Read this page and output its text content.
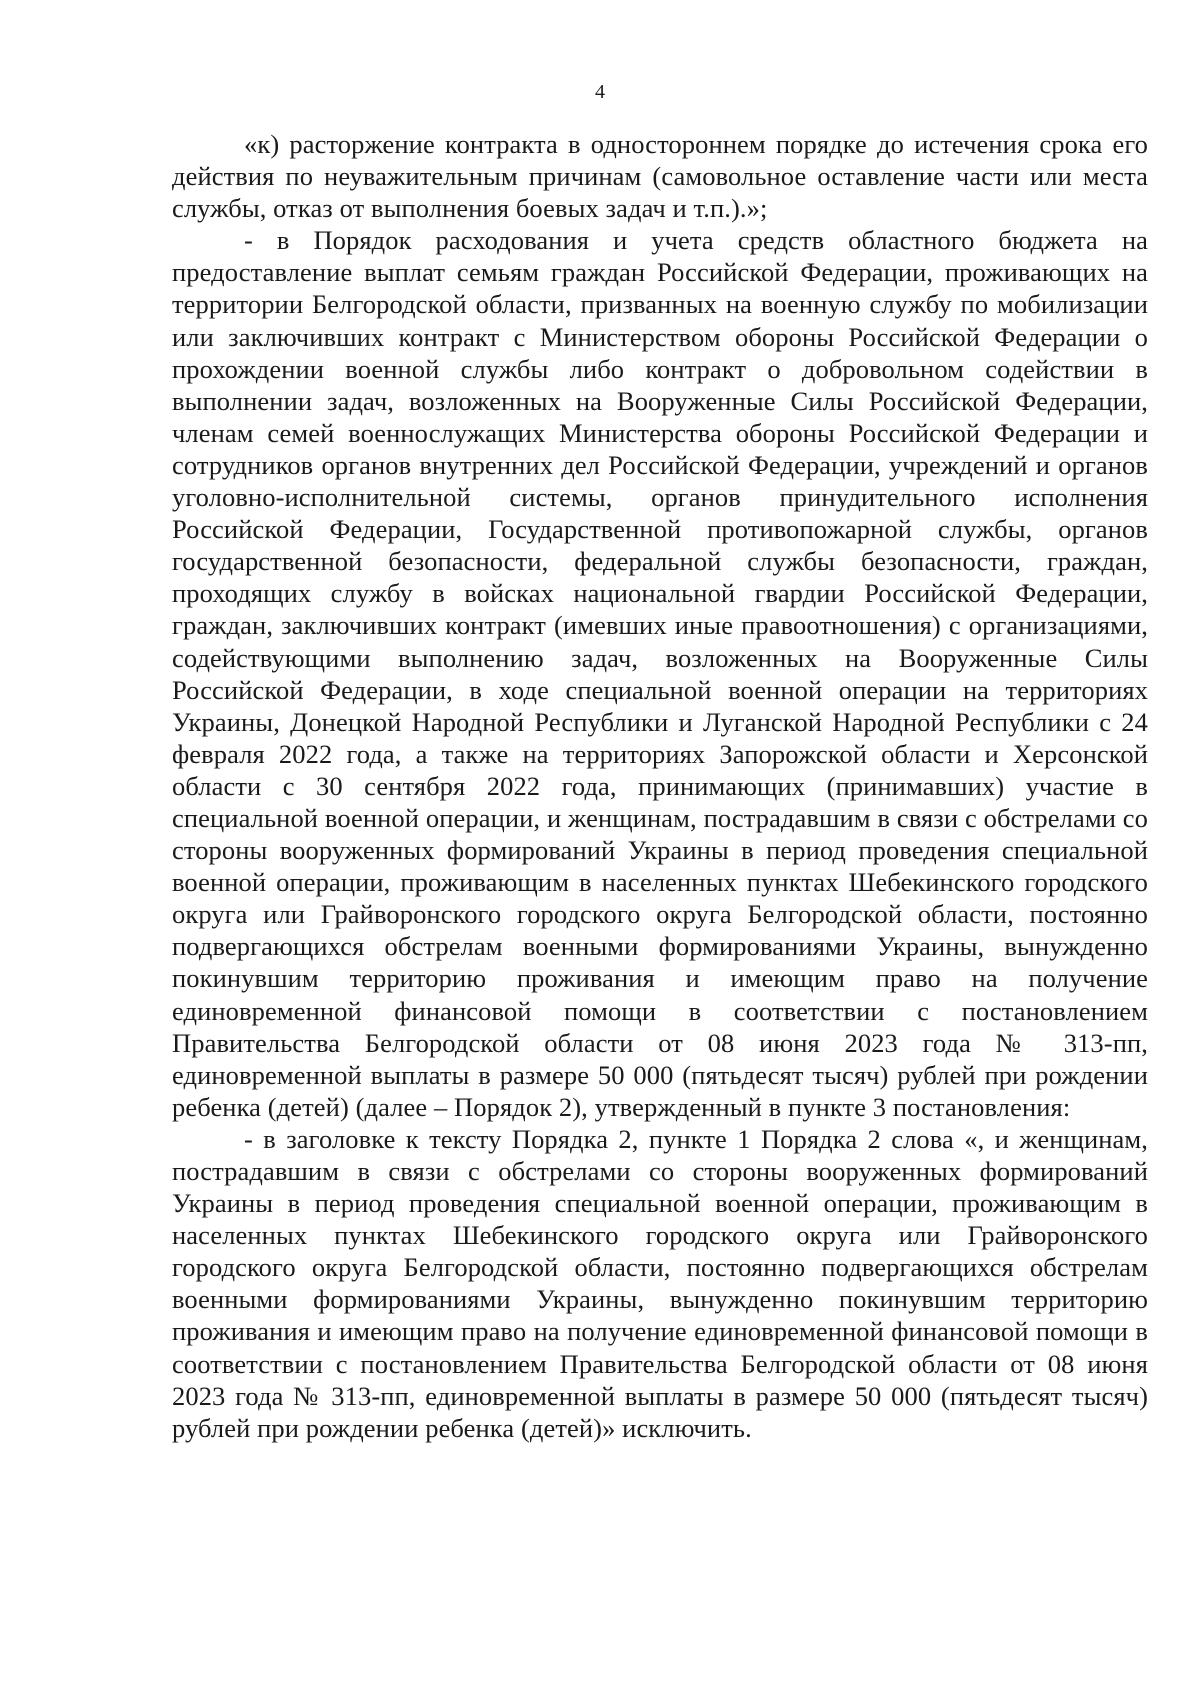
4

«к) расторжение контракта в одностороннем порядке до истечения срока его действия по неуважительным причинам (самовольное оставление части или места службы, отказ от выполнения боевых задач и т.п.).»;

- в Порядок расходования и учета средств областного бюджета на предоставление выплат семьям граждан Российской Федерации, проживающих на территории Белгородской области, призванных на военную службу по мобилизации или заключивших контракт с Министерством обороны Российской Федерации о прохождении военной службы либо контракт о добровольном содействии в выполнении задач, возложенных на Вооруженные Силы Российской Федерации, членам семей военнослужащих Министерства обороны Российской Федерации и сотрудников органов внутренних дел Российской Федерации, учреждений и органов уголовно-исполнительной системы, органов принудительного исполнения Российской Федерации, Государственной противопожарной службы, органов государственной безопасности, федеральной службы безопасности, граждан, проходящих службу в войсках национальной гвардии Российской Федерации, граждан, заключивших контракт (имевших иные правоотношения) с организациями, содействующими выполнению задач, возложенных на Вооруженные Силы Российской Федерации, в ходе специальной военной операции на территориях Украины, Донецкой Народной Республики и Луганской Народной Республики с 24 февраля 2022 года, а также на территориях Запорожской области и Херсонской области с 30 сентября 2022 года, принимающих (принимавших) участие в специальной военной операции, и женщинам, пострадавшим в связи с обстрелами со стороны вооруженных формирований Украины в период проведения специальной военной операции, проживающим в населенных пунктах Шебекинского городского округа или Грайворонского городского округа Белгородской области, постоянно подвергающихся обстрелам военными формированиями Украины, вынужденно покинувшим территорию проживания и имеющим право на получение единовременной финансовой помощи в соответствии с постановлением Правительства Белгородской области от 08 июня 2023 года № 313-пп, единовременной выплаты в размере 50 000 (пятьдесят тысяч) рублей при рождении ребенка (детей) (далее – Порядок 2), утвержденный в пункте 3 постановления:

- в заголовке к тексту Порядка 2, пункте 1 Порядка 2 слова «, и женщинам, пострадавшим в связи с обстрелами со стороны вооруженных формирований Украины в период проведения специальной военной операции, проживающим в населенных пунктах Шебекинского городского округа или Грайворонского городского округа Белгородской области, постоянно подвергающихся обстрелам военными формированиями Украины, вынужденно покинувшим территорию проживания и имеющим право на получение единовременной финансовой помощи в соответствии с постановлением Правительства Белгородской области от 08 июня 2023 года № 313-пп, единовременной выплаты в размере 50 000 (пятьдесят тысяч) рублей при рождении ребенка (детей)» исключить.
